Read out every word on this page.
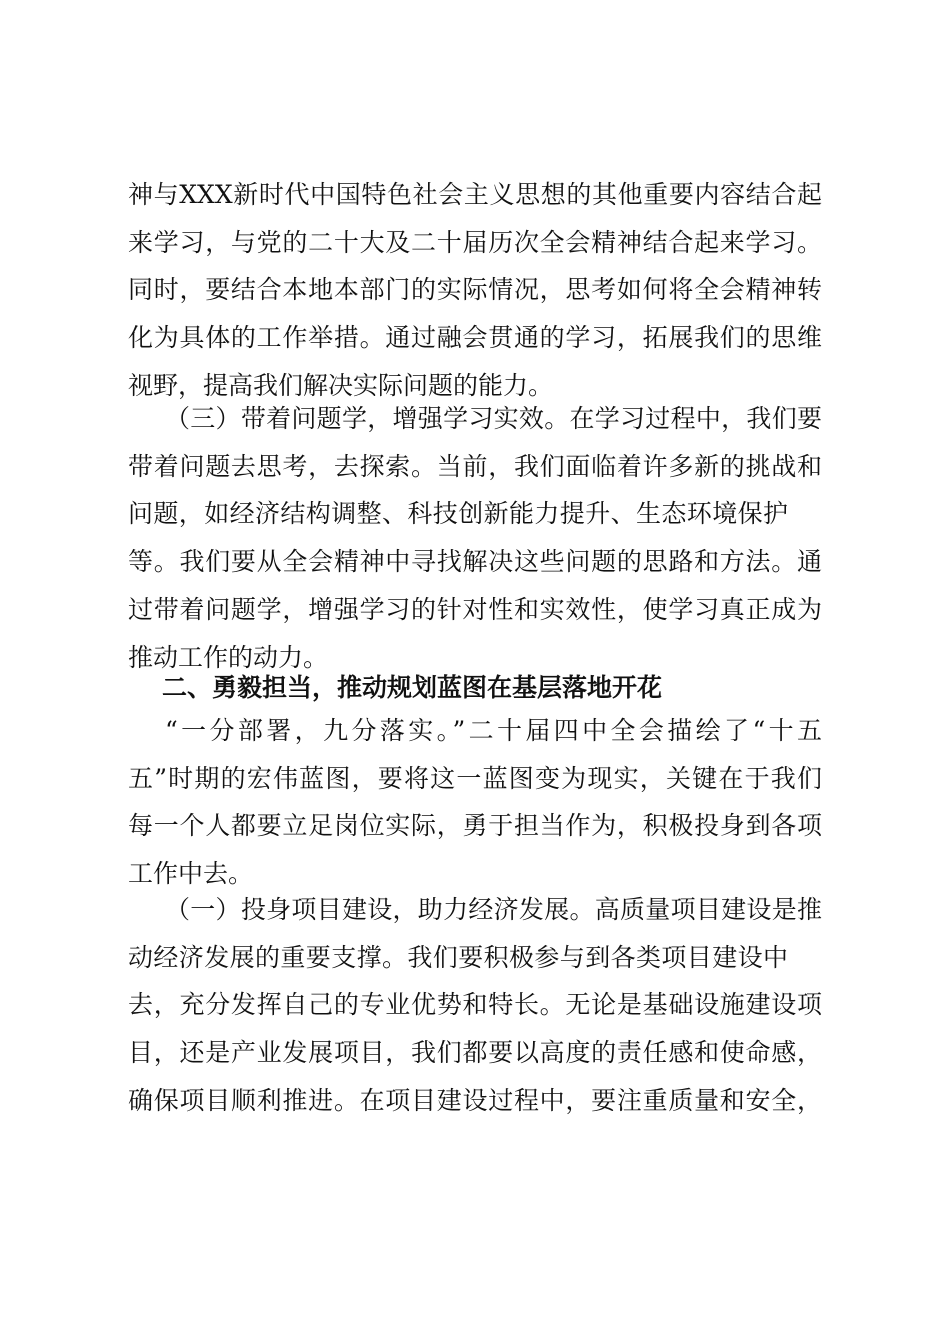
神与XXX新时代中国特色社会主义思想的其他重要内容结合起
来学习，与党的二十大及二十届历次全会精神结合起来学习。
同时，要结合本地本部门的实际情况，思考如何将全会精神转
化为具体的工作举措。通过融会贯通的学习，拓展我们的思维
视野，提高我们解决实际问题的能力。
（三）带着问题学，增强学习实效。在学习过程中，我们要
带着问题去思考，去探索。当前，我们面临着许多新的挑战和
问题，如经济结构调整、科技创新能力提升、生态环境保护
等。我们要从全会精神中寻找解决这些问题的思路和方法。通
过带着问题学，增强学习的针对性和实效性，使学习真正成为
推动工作的动力。
二、勇毅担当，推动规划蓝图在基层落地开花
“一分部署，九分落实。”二十届四中全会描绘了“十五
五”时期的宏伟蓝图，要将这一蓝图变为现实，关键在于我们
每一个人都要立足岗位实际，勇于担当作为，积极投身到各项
工作中去。
（一）投身项目建设，助力经济发展。高质量项目建设是推
动经济发展的重要支撑。我们要积极参与到各类项目建设中
去，充分发挥自己的专业优势和特长。无论是基础设施建设项
目，还是产业发展项目，我们都要以高度的责任感和使命感，
确保项目顺利推进。在项目建设过程中，要注重质量和安全，
